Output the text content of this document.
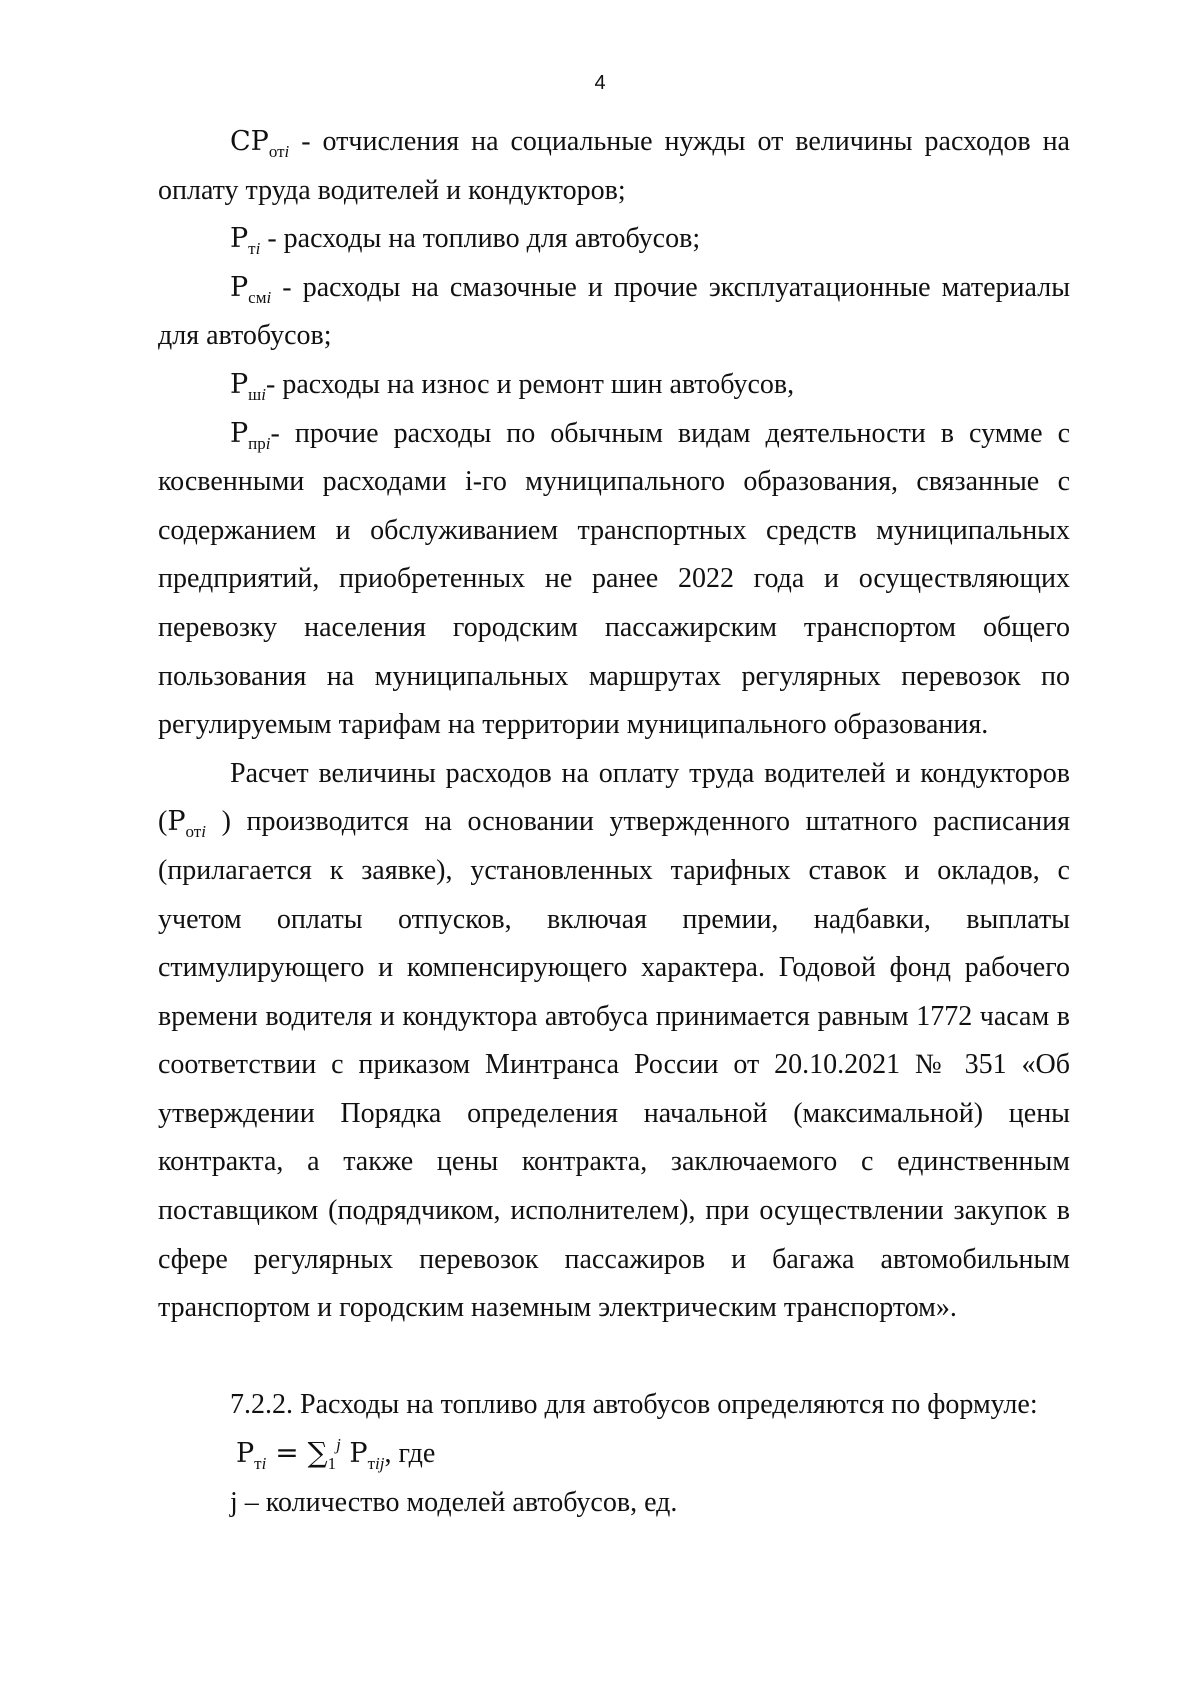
4

$СР_{отi}$ - отчисления на социальные нужды от величины расходов на оплату труда водителей и кондукторов;

$Р_{тi}$ - расходы на топливо для автобусов;

$Р_{смi}$ - расходы на смазочные и прочие эксплуатационные материалы для автобусов;

$Р_{шi}-$ расходы на износ и ремонт шин автобусов,

$Р_{прi}-$ прочие расходы по обычным видам деятельности в сумме с косвенными расходами i-го муниципального образования, связанные с содержанием и обслуживанием транспортных средств муниципальных предприятий, приобретенных не ранее 2022 года и осуществляющих перевозку населения городским пассажирским транспортом общего пользования на муниципальных маршрутах регулярных перевозок по регулируемым тарифам на территории муниципального образования.

Расчет величины расходов на оплату труда водителей и кондукторов ($Р_{отi}$ ) производится на основании утвержденного штатного расписания (прилагается к заявке), установленных тарифных ставок и окладов, с учетом оплаты отпусков, включая премии, надбавки, выплаты стимулирующего и компенсирующего характера. Годовой фонд рабочего времени водителя и кондуктора автобуса принимается равным 1772 часам в соответствии с приказом Минтранса России от 20.10.2021 № 351 «Об утверждении Порядка определения начальной (максимальной) цены контракта, а также цены контракта, заключаемого с единственным поставщиком (подрядчиком, исполнителем), при осуществлении закупок в сфере регулярных перевозок пассажиров и багажа автомобильным транспортом и городским наземным электрическим транспортом».

7.2.2. Расходы на топливо для автобусов определяются по формуле:

$Р_{тi} = \sum_1^j$ $Р_{тij}$, где

j – количество моделей автобусов, ед.
